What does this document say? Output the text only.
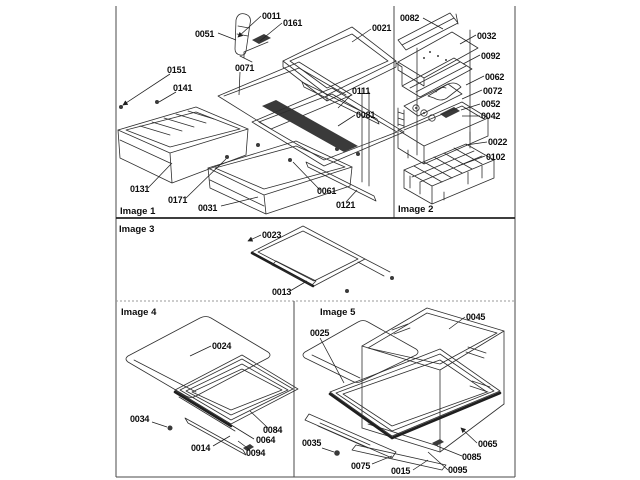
0051
0011
0161	0021
0151
0141
0071
0111
0081
0131
0171
0031
0061
0121
Image 1
0082
0032
0092
0062
0072
0052
0042
0022
0102
Image 2
0023
0013
Image 3
0024
0034
0084
0064
0014	0094
Image 4	0045
0025
0035
0075 0015	0095
0065
0085
Image 5
